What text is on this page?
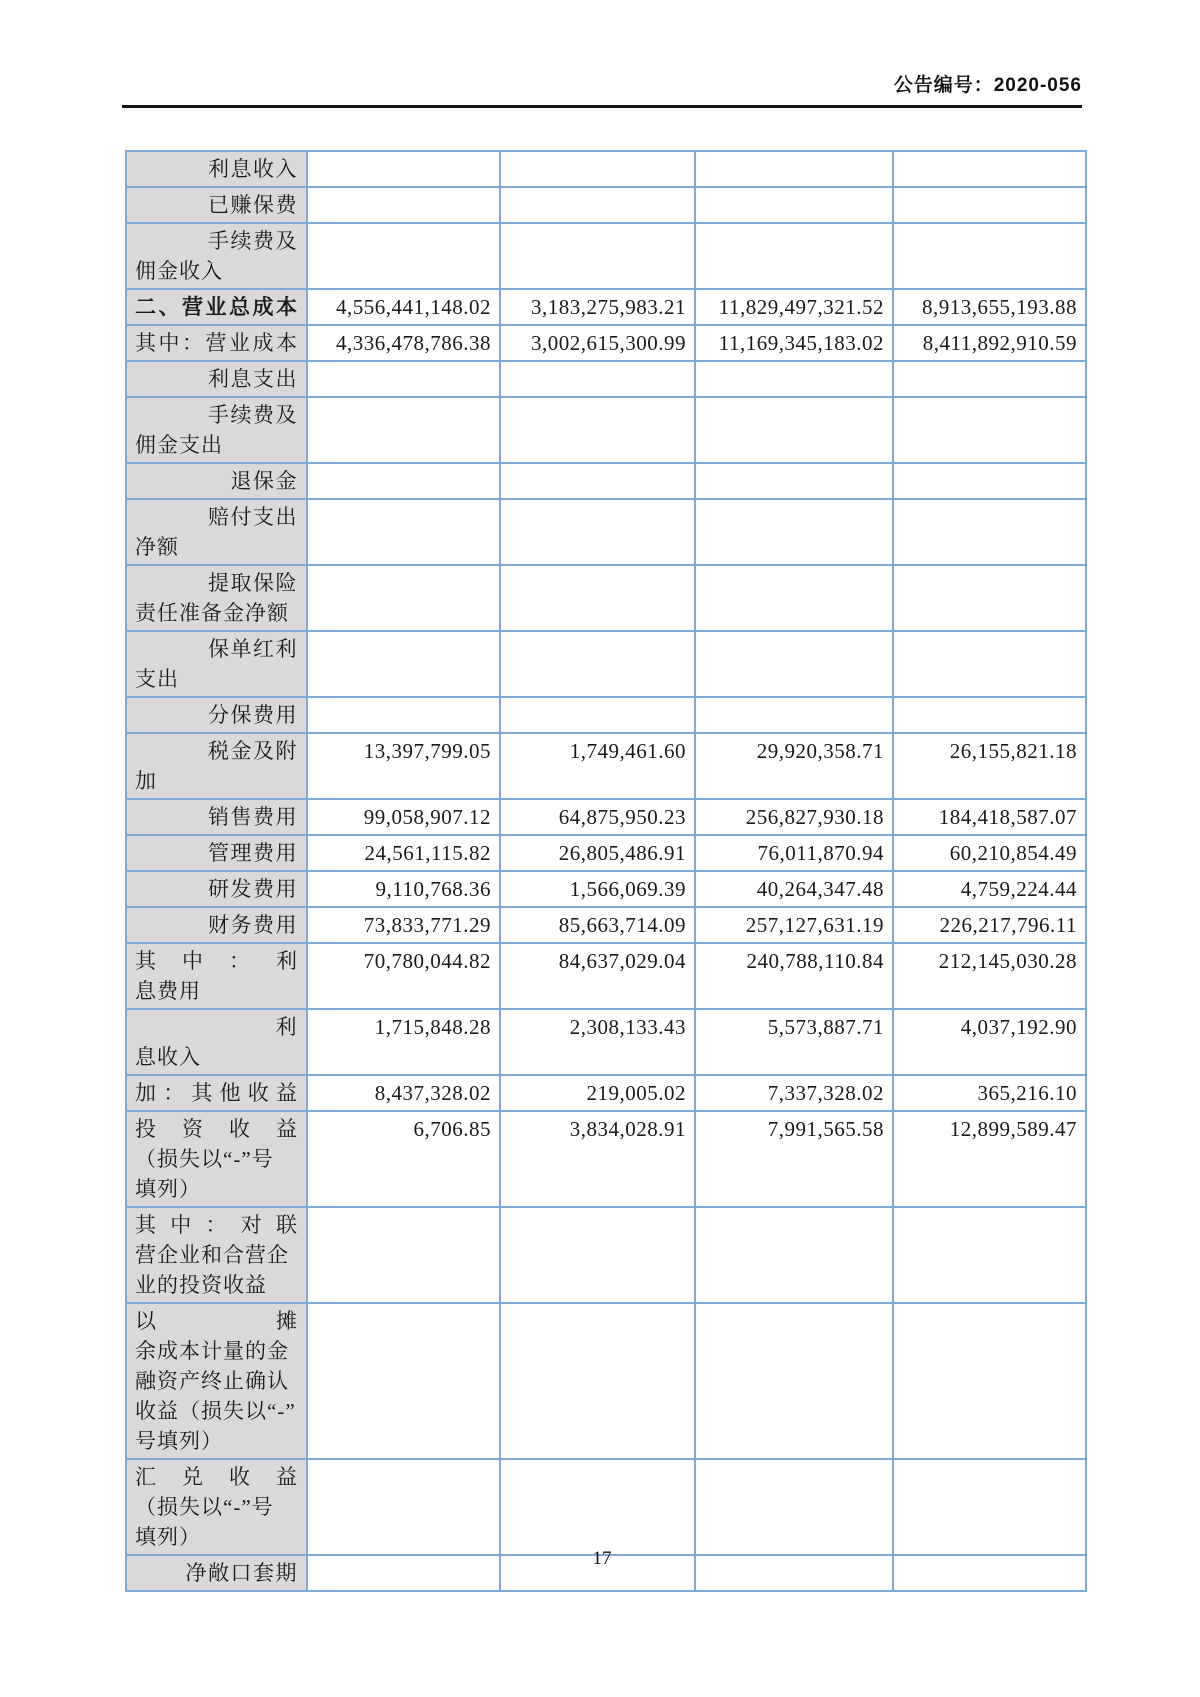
公告编号：2020-056
利息收入				

已赚保费				

手续费及
佣金收入				

二、营业总成本	4,556,441,148.02	3,183,275,983.21	11,829,497,321.52	8,913,655,193.88

其中：营业成本	4,336,478,786.38	3,002,615,300.99	11,169,345,183.02	8,411,892,910.59

利息支出				

手续费及
佣金支出				

退保金				

赔付支出
净额				

提取保险
责任准备金净额				

保单红利
支出				

分保费用				

税金及附
加	13,397,799.05	1,749,461.60	29,920,358.71	26,155,821.18

销售费用	99,058,907.12	64,875,950.23	256,827,930.18	184,418,587.07

管理费用	24,561,115.82	26,805,486.91	76,011,870.94	60,210,854.49

研发费用	9,110,768.36	1,566,069.39	40,264,347.48	4,759,224.44

财务费用	73,833,771.29	85,663,714.09	257,127,631.19	226,217,796.11

其中：利
息费用	70,780,044.82	84,637,029.04	240,788,110.84	212,145,030.28

利
息收入	1,715,848.28	2,308,133.43	5,573,887.71	4,037,192.90

加：其他收益	8,437,328.02	219,005.02	7,337,328.02	365,216.10

投资收益
（损失以“-”号
填列）	6,706.85	3,834,028.91	7,991,565.58	12,899,589.47

其中：对联
营企业和合营企
业的投资收益				

以摊
余成本计量的金
融资产终止确认
收益（损失以“-”
号填列）				

汇兑收益
（损失以“-”号
填列）				

净敞口套期				

17
